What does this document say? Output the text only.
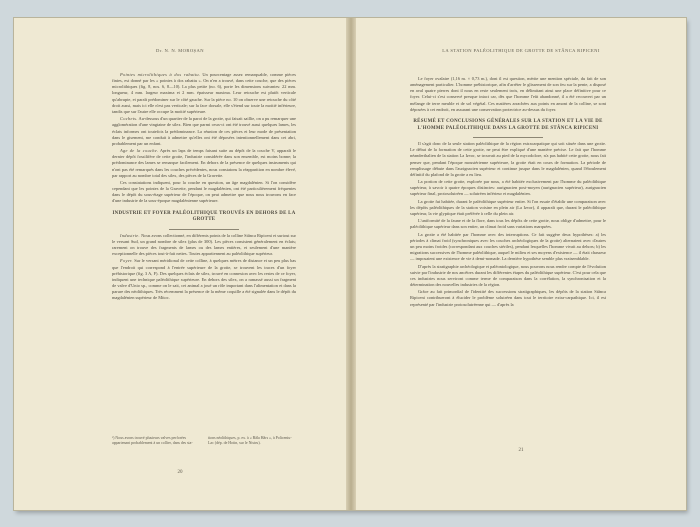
Dr. N. N. MOROȘAN

Pointes microlithiques à dos rabattu. Un pourcentage assez remarquable, comme pièces finies, est donné par les « pointes à dos rabattu ». On n'en a trouvé, dans cette couche, que des pièces microlithiques (fig. 8, nos. 6, 8—10). La plus petite (no. 6), porte les dimensions suivantes: 22 mm. longueur, 4 mm. largeur maxima et 2 mm. épaisseur maxima. Leur retouche est plutôt verticale qu'abrupte, et paraît prédominer sur le côté gauche. Sur la pièce no. 10 on observe une retouche du côté droit aussi, mais ici elle n'est pas verticale; sur la face dorsale, elle s'étend sur toute la moitié inférieure, tandis que sur l'autre elle occupe la moitié supérieure.

Cochets. Au-dessous d'un quartier de la paroi de la grotte, qui faisait saillie, on a pu remarquer une agglomération d'une vingtaine de silex. Bien que parmi ceux-ci ont été trouvé aussi quelques lames, les éclats informes ont toutefois la prédominance. La réunion de ces pièces et leur mode de présentation dans le gisement, me conduit à admettre qu'elles ont été déposées intentionnellement dans cet abri, probablement par un enfant.

Age de la couche. Après un laps de temps faisant suite au dépôt de la couche V, apparaît le dernier dépôt fossilifère de cette grotte, l'industrie considérée dans son ensemble, est moins bonne; la prédominance des lames se remarque facilement. En dehors de la présence de quelques instruments qui n'ont pas été remarqués dans les couches précédentes, nous constatons la réapparition en nombre élevé, par rapport au nombre total des silex, des pièces de la Gravette.

Ces constatations indiquent, pour la couche en question, un âge magdalénien. Si l'on considère cependant que les pointes de la Gravette, pendant le magdalénien, ont été particulièrement fréquentes dans le dépôt du sous-étage supérieur de l'époque, on peut admettre que nous nous trouvons en face d'une industrie de la sous-époque magdalénienne supérieure.

INDUSTRIE ET FOYER PALÉOLITHIQUE TROUVÉS EN DEHORS DE LA GROTTE

Industrie. Nous avons collectionné, en différents points de la colline Stânca Ripiceni et surtout sur le versant Sud, un grand nombre de silex (plus de 300). Les pièces consistent généralement en éclats; rarement on trouve des fragments de lames ou des lames entières, et seulement d'une manière exceptionnelle des pièces tout-à-fait nettes. Toutes appartiennent au paléolithique supérieur.

Foyer. Sur le versant méridional de cette colline, à quelques mètres de distance et un peu plus bas que l'endroit qui correspond à l'entrée supérieure de la grotte, se trouvent les traces d'un foyer préhistorique (fig. 3 A, F). Des quelques éclats de silex, trouvé en connexion avec les restes de ce foyer, indiquent une technique paléolithique supérieure. En dehors des silex, on a ramassé aussi un fragment de valve d'Unio sp., comme on le sait, cet animal a joué un rôle important dans l'alimentation et dans la parure des néolithiques. Très récemment la présence de la même coquille a été signalée dans le dépôt du magdalénien supérieur de Mitoc.

¹) Nous avons trouvé plusieurs valves perforées appartenant probablement à un collier, dans des sta-
tions néolithiques, p. ex. à « Bâla Hârs », à Policeniu-Lac (dép. de Hotin, sur le Nistru).
20
LA STATION PALÉOLITHIQUE DE GROTTE DE STÂNCA RIPICENI

Le foyer ovalaire (1,16 m. × 0,73 m.), dont il est question, mérite une mention spéciale, du fait de son aménagement particulier. L'homme préhistorique, afin d'arrêter le glissement de son feu sur la pente, a disposé en aval quatre pierres dont il nous en reste seulement trois, en délimitant ainsi une place définitive pour ce foyer. Celui-ci s'est conservé presque intact car, dès que l'homme l'eût abandonné, il a été recouvert par un mélange de terre meuble et de sol végétal. Ces matières arrachées aux points en amont de la colline, se sont déposées à cet endroit, en assurant une conservation protectrice au-dessus du foyer.

RÉSUMÉ ET CONCLUSIONS GÉNÉRALES SUR LA STATION ET LA VIE DE L'HOMME PALÉOLITHIQUE DANS LA GROTTE DE STÂNCA RIPICENI

Il s'agit donc de la seule station paléolithique de la région extracarpatique qui soit située dans une grotte. Le début de la formation de cette grotte, ne peut être expliqué d'une manière précise. Le fait que l'homme néanderthalien de la station La Izvor, se trouvait au pied de la mycodolore, n'a pas habité cette grotte, nous fait penser que, pendant l'époque moustérienne supérieure, la grotte était en cours de formation. La période de remplissage débute dans l'aurignacien supérieur et continue jusque dans le magdalénien, quand l'éboulement définitif du plafond de la grotte a eu lieu.

La portion de cette grotte, explorée par nous, a été habitée exclusivement par l'homme du paléolithique supérieur, à savoir à quatre époques distinctes: aurignacien post-moyen (aurignacien supérieur), aurignacien supérieur final, protosolutréen — solutréen inférieur et magdalénien.

La grotte fut habitée, durant le paléolithique supérieur entier. Si l'on essaie d'établir une comparaison avec les dépôts paléolithiques de la station voisine en plein air (La Izvor), il apparaît que, durant le paléolithique supérieur, la vie glyptique était préférée à celle du plein air.

L'uniformité de la faune et de la flore, dans tous les dépôts de cette grotte, nous oblige d'admettre, pour le paléolithique supérieur dans son entier, un climat froid sans variations marquées.

La grotte a été habitée par l'homme avec des interruptions. Ce fait suggère deux hypothèses: a) les périodes à climat froid (synchroniques avec les couches archéologiques de la grotte) alternaient avec d'autres un peu moins froides (correspondant aux couches stériles), pendant lesquelles l'homme vivait au dehors; b) les migrations successives de l'homme paléolithique, auquel le milieu et ses moyens d'existence — il était chasseur — imposaient une existence de vie à demi-nomade. La dernière hypothèse semble plus vraisemblable.

D'après la stratigraphie archéologique et paléontologique, nous pouvons nous rendre compte de l'évolution suivie par l'industrie de nos ancêtres durant les différentes étapes du paléolithique supérieur. C'est pour cela que ces industries nous serviront comme terme de comparaison dans la corrélation, la synchronisation et la détermination des nouvelles industries de la région.

Grâce au fait primordial de l'identité des successions stratigraphiques, les dépôts de la station Stânca Ripiceni contribueront à élucider le problème solutréen dans tout le territoire extra-carpathique. Ici, il est représenté par l'industrie protosolutréenne qui — d'après la

21
